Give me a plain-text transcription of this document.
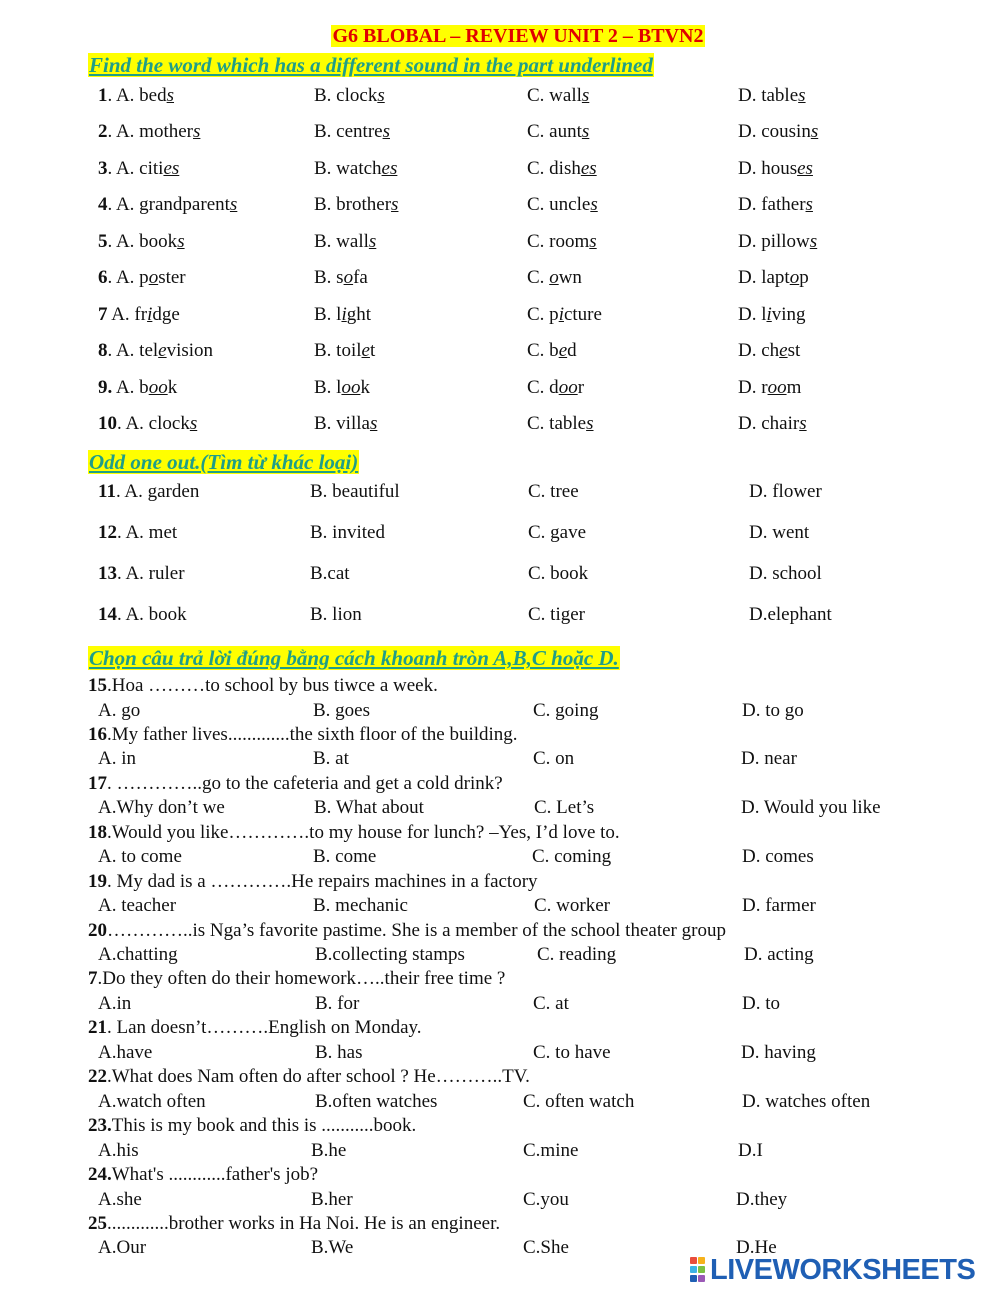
G6 BLOBAL – REVIEW UNIT 2 – BTVN2
Find the word which has a different sound in the part underlined
1. A. beds	B. clocks	C. walls	D. tables
2. A. mothers	B. centres	C. aunts	D. cousins
3. A. cities	B. watches	C. dishes	D. houses
4. A. grandparents	B. brothers	C. uncles	D. fathers
5. A. books	B. walls	C. rooms	D. pillows
6. A. poster	B. sofa	C. own	D. laptop
7 A. fridge	B. light	C. picture	D. living
8. A. television	B. toilet	C. bed	D. chest
9. A. book	B. look	C. door	D. room
10. A. clocks	B. villas	C. tables	D. chairs
Odd one out.(Tìm từ khác loại)
11. A. garden	B. beautiful	C. tree	D. flower
12. A. met	B. invited	C. gave	D. went
13. A. ruler	B.cat	C. book	D. school
14. A. book	B. lion	C. tiger	D.elephant
Chọn câu trả lời đúng bằng cách khoanh tròn A,B,C hoặc D.
15.Hoa ………to school by bus tiwce a week.
A. go	B. goes	C. going	D. to go
16.My father lives.............the sixth floor of the building.
A. in	B. at	C. on	D. near
17. …………..go to the cafeteria and get a cold drink?
A.Why don’t we	B. What about	C. Let’s	D. Would you like
18.Would you like………….to my house for lunch? –Yes, I’d love to.
A. to come	B. come	C. coming	D. comes
19. My dad is a ………….He repairs machines in a factory
A. teacher	B. mechanic	C. worker	D. farmer
20…………..is Nga’s favorite pastime. She is a member of the school theater group
A.chatting	B.collecting stamps	C. reading	D. acting
7.Do they often do their homework…..their free time ?
A.in	B. for	C. at	D. to
21. Lan doesn’t……….English on Monday.
A.have	B. has	C. to have	D. having
22.What does Nam often do after school ? He………..TV.
A.watch often	B.often watches	C. often watch	D. watches often
23.This is my book and this is ...........book.
A.his	B.he	C.mine	D.I
24.What's ............father's job?
A.she	B.her	C.you	D.they
25.............brother works in Ha Noi. He is an engineer.
A.Our	B.We	C.She	D.He
LIVEWORKSHEETS
